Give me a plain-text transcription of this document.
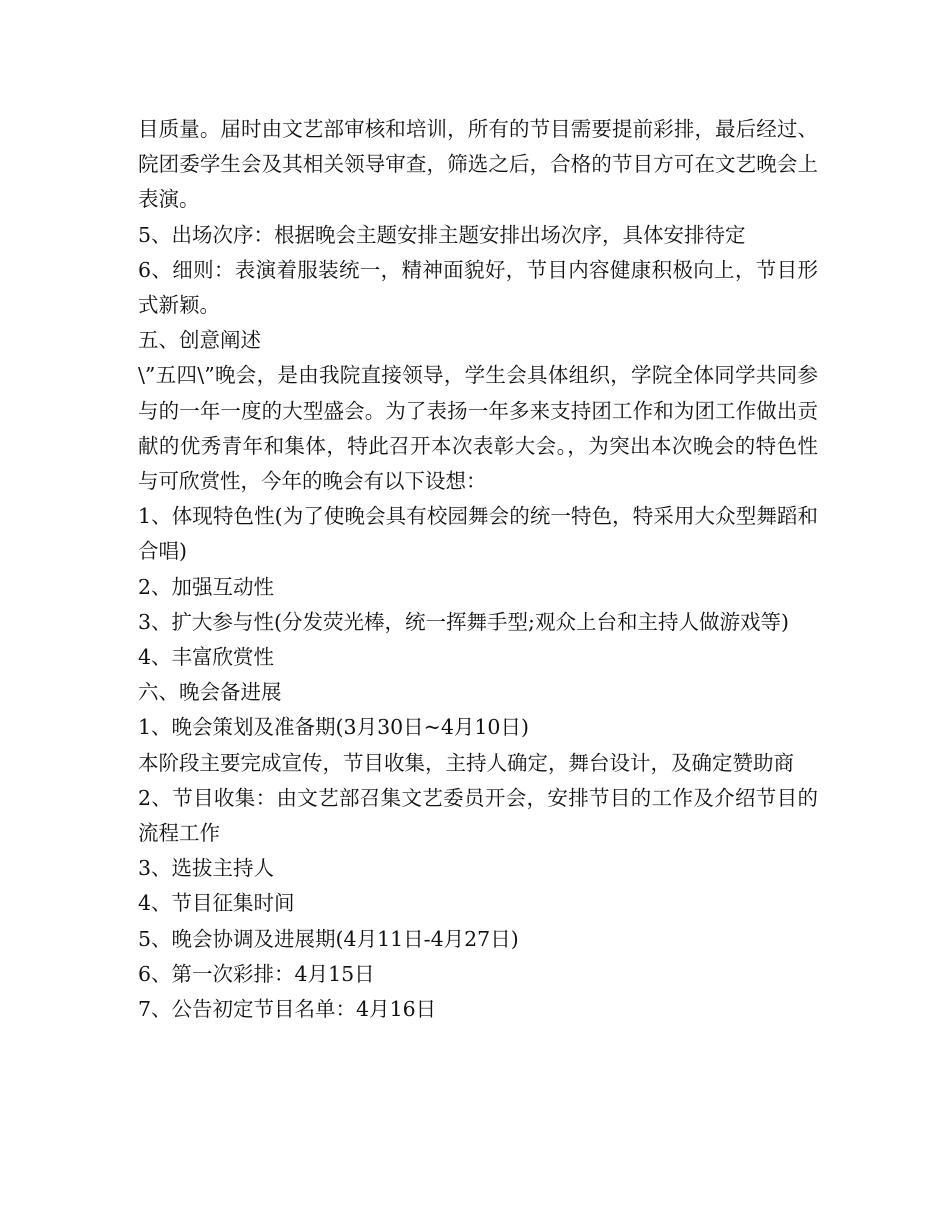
目质量。届时由文艺部审核和培训，所有的节目需要提前彩排，最后经过、院团委学生会及其相关领导审查，筛选之后，合格的节目方可在文艺晚会上表演。

5、出场次序：根据晚会主题安排主题安排出场次序，具体安排待定

6、细则：表演着服装统一，精神面貌好，节目内容健康积极向上，节目形式新颖。

五、创意阐述

\”五四\”晚会，是由我院直接领导，学生会具体组织，学院全体同学共同参与的一年一度的大型盛会。为了表扬一年多来支持团工作和为团工作做出贡献的优秀青年和集体，特此召开本次表彰大会。，为突出本次晚会的特色性与可欣赏性，今年的晚会有以下设想：

1、体现特色性(为了使晚会具有校园舞会的统一特色，特采用大众型舞蹈和合唱)

2、加强互动性

3、扩大参与性(分发荧光棒，统一挥舞手型;观众上台和主持人做游戏等)

4、丰富欣赏性

六、晚会备进展

1、晚会策划及准备期(3月30日~4月10日)

本阶段主要完成宣传，节目收集，主持人确定，舞台设计，及确定赞助商

2、节目收集：由文艺部召集文艺委员开会，安排节目的工作及介绍节目的流程工作

3、选拔主持人

4、节目征集时间

5、晚会协调及进展期(4月11日-4月27日)

6、第一次彩排：4月15日

7、公告初定节目名单：4月16日
